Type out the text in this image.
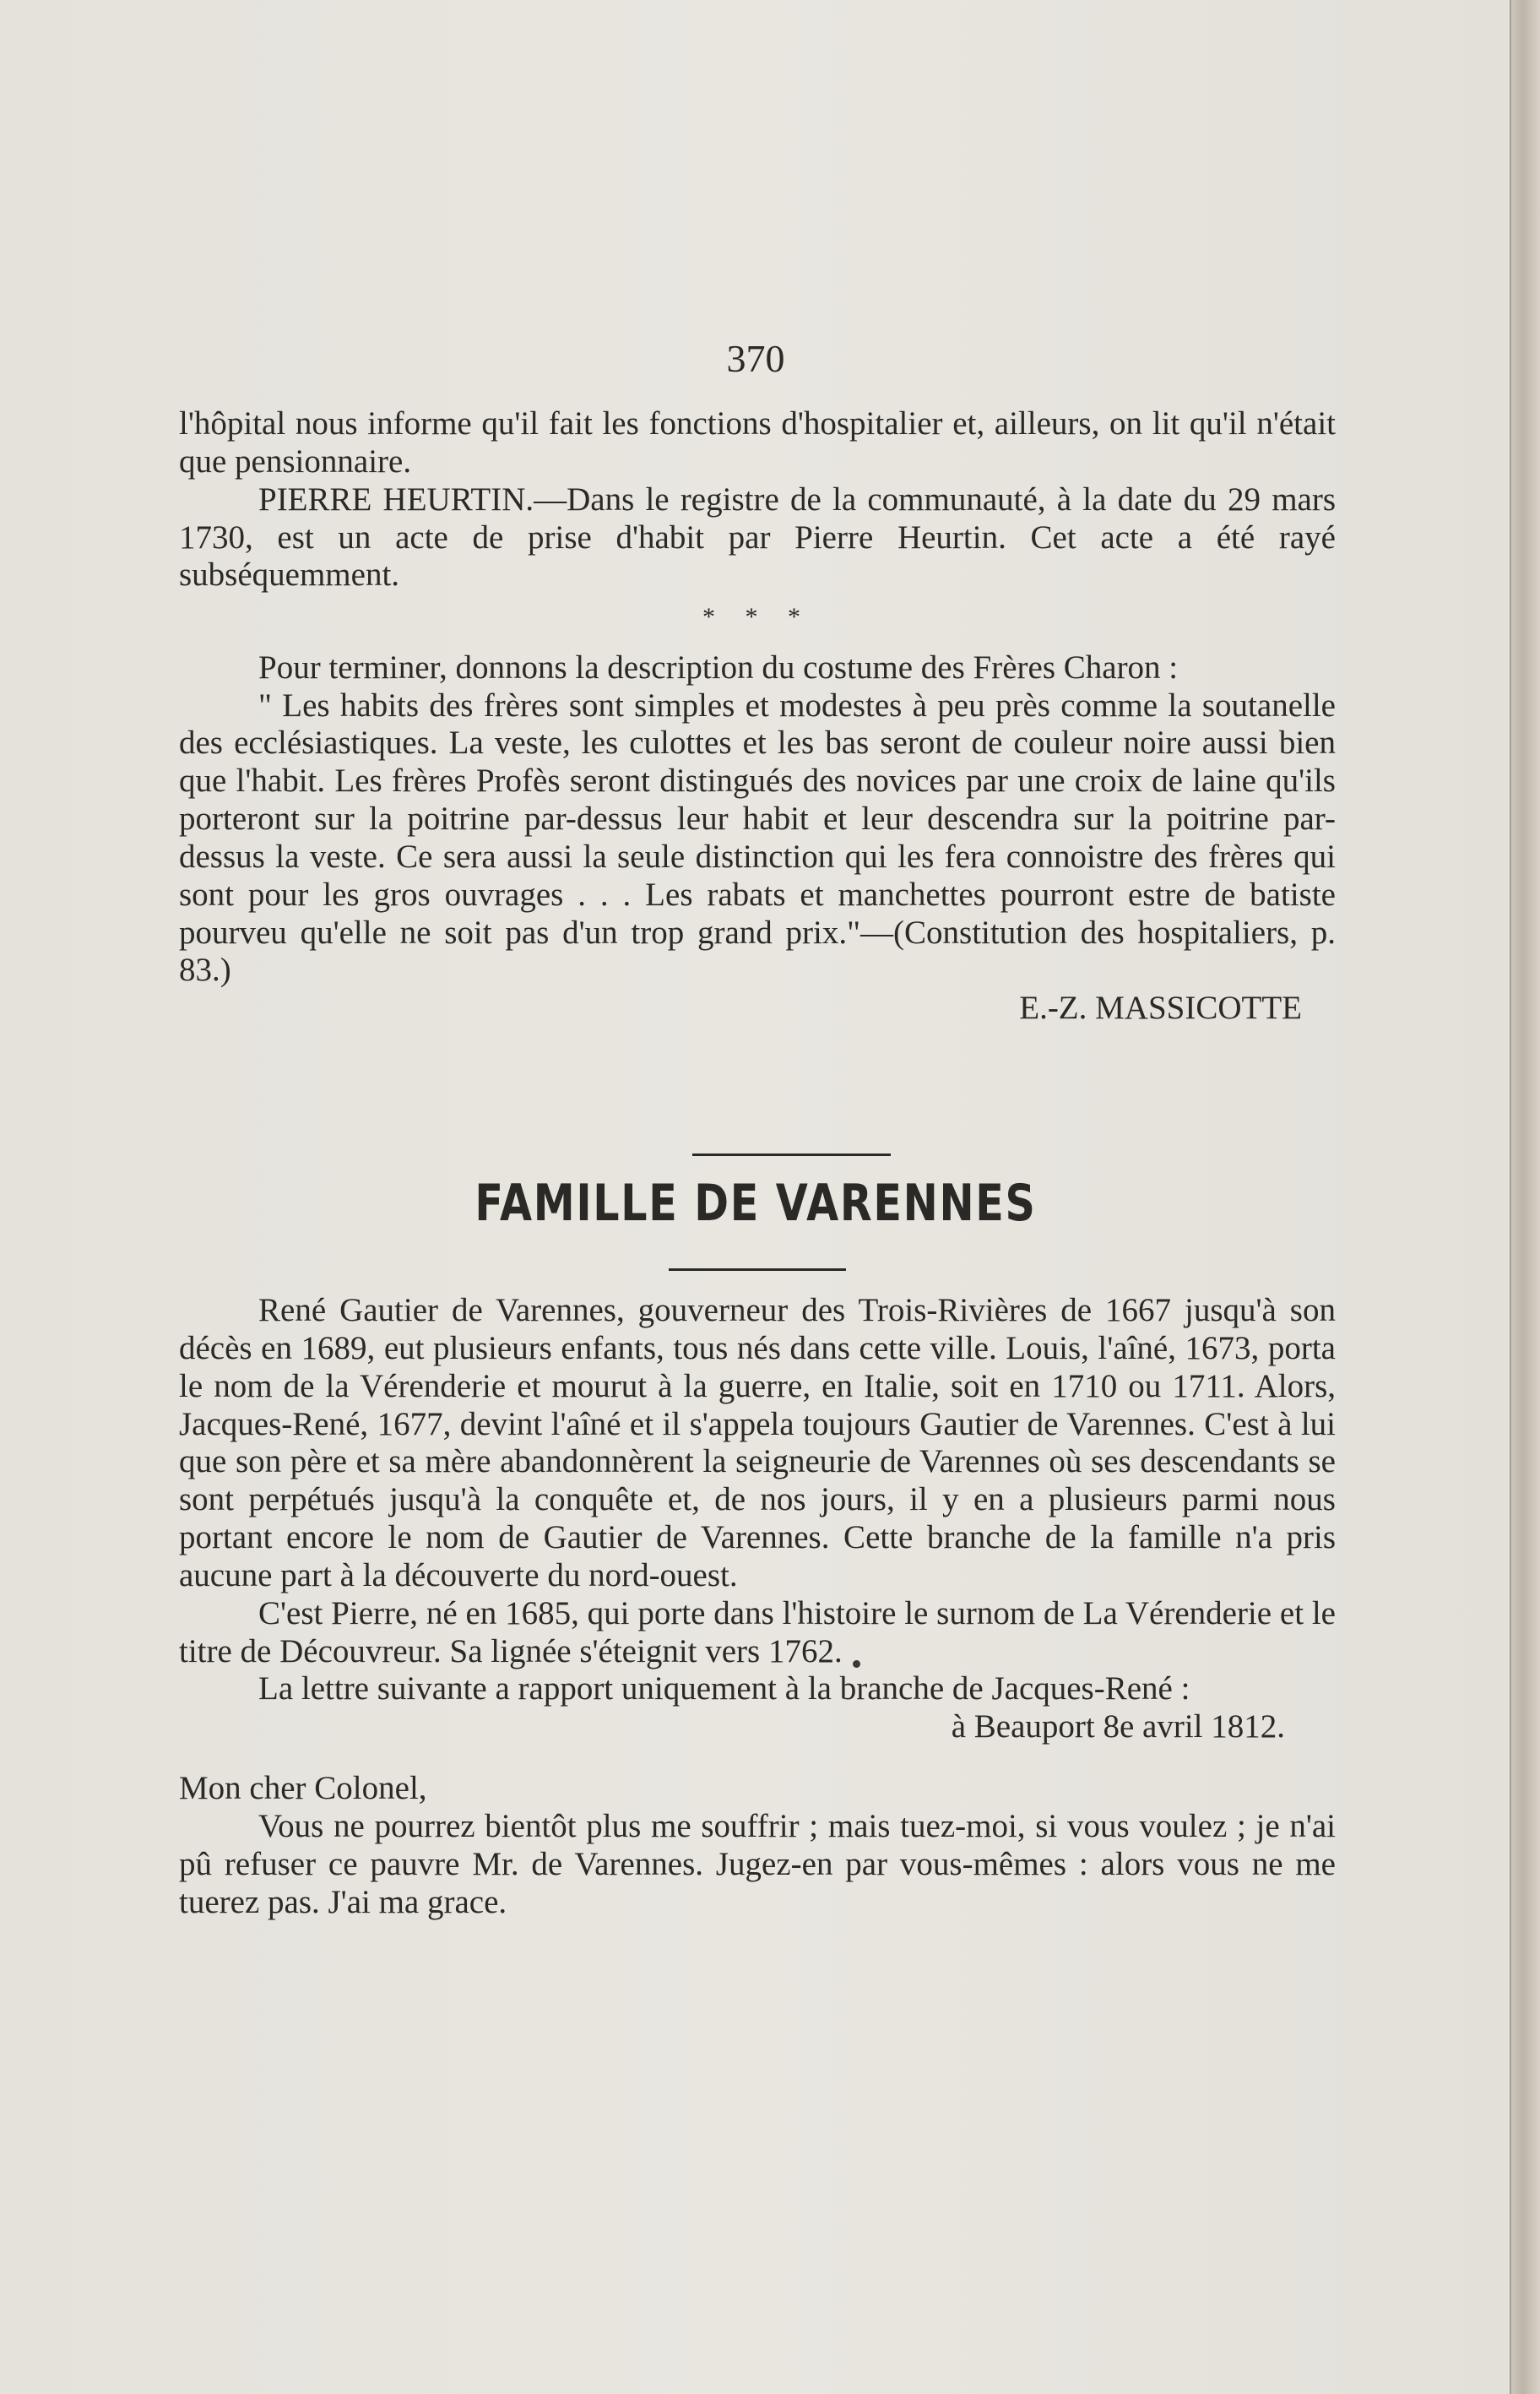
370

l'hôpital nous informe qu'il fait les fonctions d'hospitalier et, ailleurs, on lit qu'il n'était que pensionnaire.

PIERRE HEURTIN.—Dans le registre de la communauté, à la date du 29 mars 1730, est un acte de prise d'habit par Pierre Heurtin. Cet acte a été rayé subséquemment.

* * *

Pour terminer, donnons la description du costume des Frères Charon :

" Les habits des frères sont simples et modestes à peu près comme la soutanelle des ecclésiastiques. La veste, les culottes et les bas seront de couleur noire aussi bien que l'habit. Les frères Profès seront distingués des novices par une croix de laine qu'ils porteront sur la poitrine par-dessus leur habit et leur descendra sur la poitrine par-dessus la veste. Ce sera aussi la seule distinction qui les fera connoistre des frères qui sont pour les gros ouvrages . . . Les rabats et manchettes pourront estre de batiste pourveu qu'elle ne soit pas d'un trop grand prix."—(Constitution des hospitaliers, p. 83.)

E.-Z. MASSICOTTE

FAMILLE DE VARENNES

René Gautier de Varennes, gouverneur des Trois-Rivières de 1667 jusqu'à son décès en 1689, eut plusieurs enfants, tous nés dans cette ville. Louis, l'aîné, 1673, porta le nom de la Vérenderie et mourut à la guerre, en Italie, soit en 1710 ou 1711. Alors, Jacques-René, 1677, devint l'aîné et il s'appela toujours Gautier de Varennes. C'est à lui que son père et sa mère abandonnèrent la seigneurie de Varennes où ses descendants se sont perpétués jusqu'à la conquête et, de nos jours, il y en a plusieurs parmi nous portant encore le nom de Gautier de Varennes. Cette branche de la famille n'a pris aucune part à la découverte du nord-ouest.

C'est Pierre, né en 1685, qui porte dans l'histoire le surnom de La Vérenderie et le titre de Découvreur. Sa lignée s'éteignit vers 1762.

La lettre suivante a rapport uniquement à la branche de Jacques-René :

à Beauport 8e avril 1812.

Mon cher Colonel,

Vous ne pourrez bientôt plus me souffrir ; mais tuez-moi, si vous voulez ; je n'ai pû refuser ce pauvre Mr. de Varennes. Jugez-en par vous-mêmes : alors vous ne me tuerez pas. J'ai ma grace.
